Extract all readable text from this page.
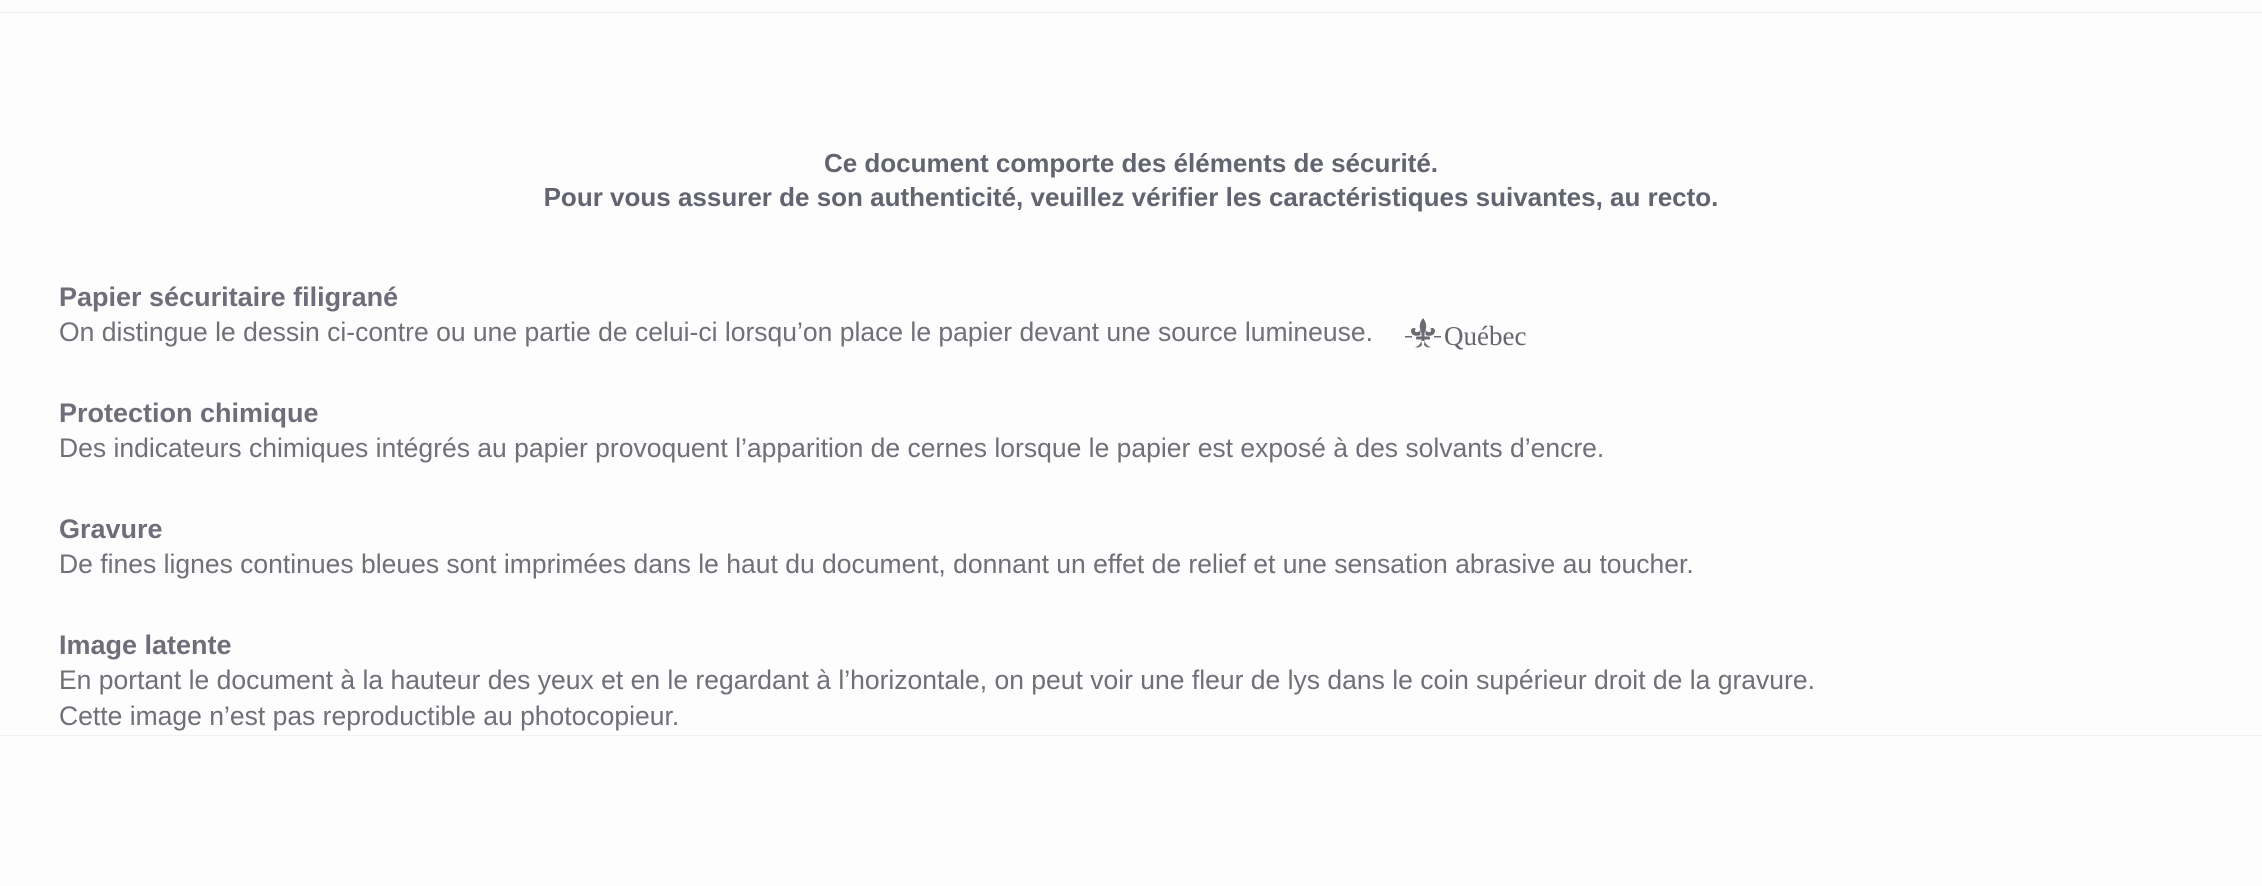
Ce document comporte des éléments de sécurité.
Pour vous assurer de son authenticité, veuillez vérifier les caractéristiques suivantes, au recto.
Papier sécuritaire filigrané
On distingue le dessin ci-contre ou une partie de celui-ci lorsqu’on place le papier devant une source lumineuse.	Québec
Protection chimique
Des indicateurs chimiques intégrés au papier provoquent l’apparition de cernes lorsque le papier est exposé à des solvants d’encre.
Gravure
De fines lignes continues bleues sont imprimées dans le haut du document, donnant un effet de relief et une sensation abrasive au toucher.
Image latente
En portant le document à la hauteur des yeux et en le regardant à l’horizontale, on peut voir une fleur de lys dans le coin supérieur droit de la gravure.
Cette image n’est pas reproductible au photocopieur.
